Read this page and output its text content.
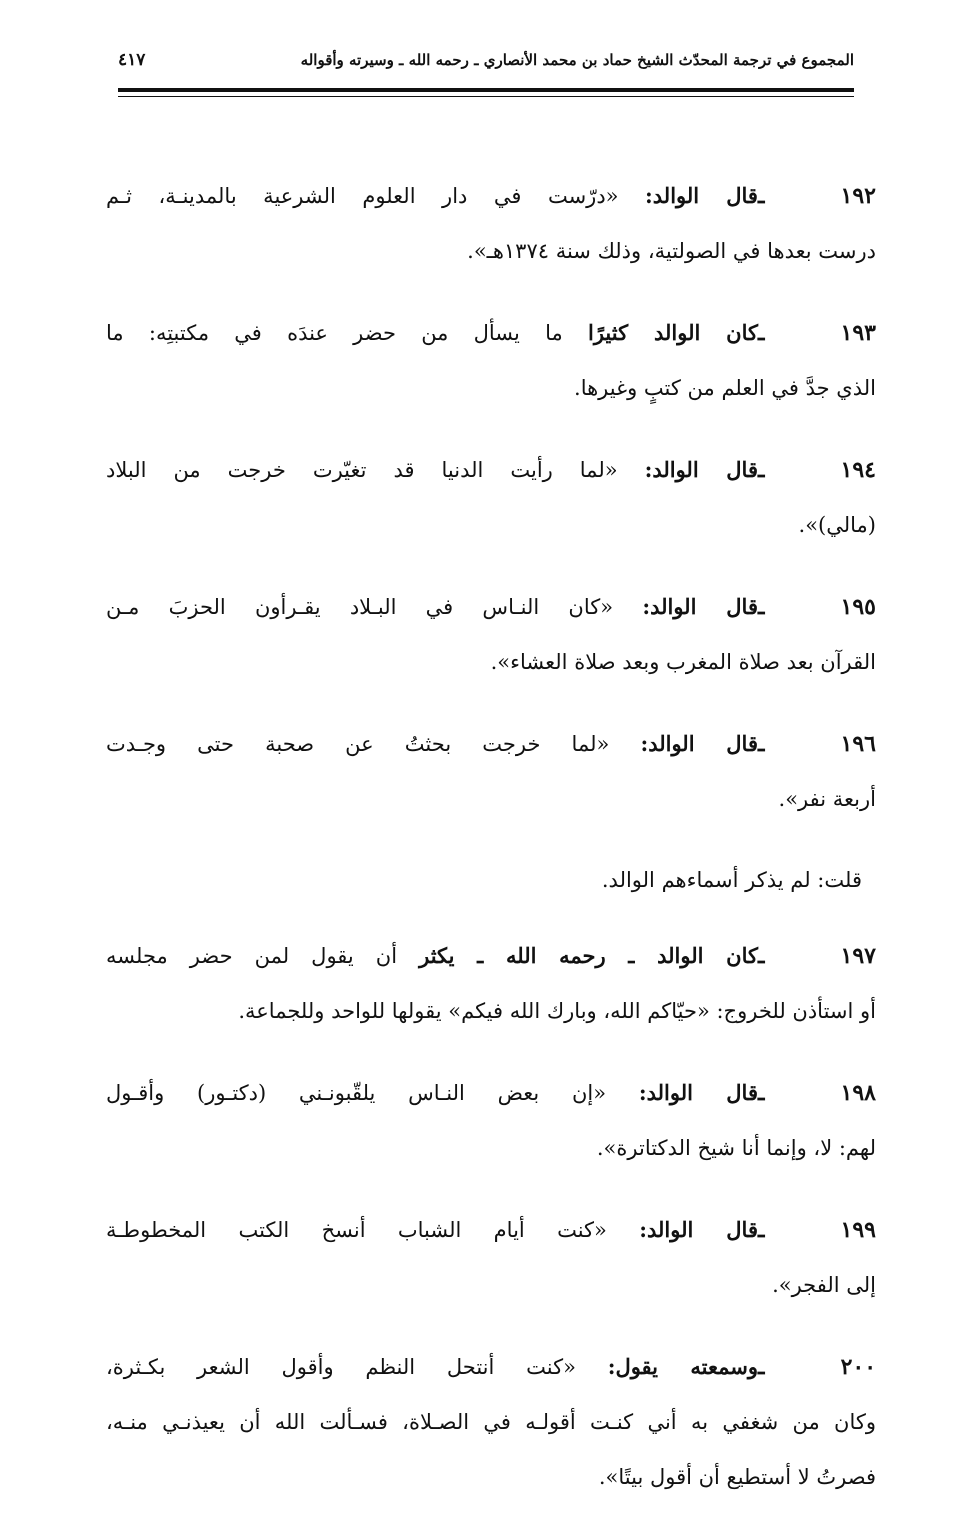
المجموع في ترجمة المحدّث الشيخ حماد بن محمد الأنصاري ـ رحمه الله ـ وسيرته وأقواله
٤١٧
١٩٢ ـقال الوالد: «درّست في دار العلوم الشرعية بالمدينـة، ثـم
درست بعدها في الصولتية، وذلك سنة ١٣٧٤هـ».
١٩٣ ـكان الوالد كثيرًا ما يسأل من حضر عندَه في مكتبتِه: ما
الذي جدَّ في العلم من كتبٍ وغيرها.
١٩٤ ـقال الوالد: «لما رأيت الدنيا قد تغيّرت خرجت من البلاد
(مالي)».
١٩٥ ـقال الوالد: «كان النـاس في البـلاد يقـرأون الحزبَ مـن
القرآن بعد صلاة المغرب وبعد صلاة العشاء».
١٩٦ ـقال الوالد: «لما خرجت بحثتُ عن صحبة حتى وجـدت
أربعة نفر».
قلت: لم يذكر أسماءهم الوالد.
١٩٧ ـكان الوالد ـ رحمه الله ـ يكثر أن يقول لمن حضر مجلسه
أو استأذن للخروج: «حيّاكم الله، وبارك الله فيكم» يقولها للواحد وللجماعة.
١٩٨ ـقال الوالد: «إن بعض النـاس يلقّبونـني (دكتـور) وأقـول
لهم: لا، وإنما أنا شيخ الدكتاترة».
١٩٩ ـقال الوالد: «كنت أيام الشباب أنسخ الكتب المخطوطـة
إلى الفجر».
٢٠٠ ـوسمعته يقول: «كنت أنتحل النظم وأقول الشعر بكـثرة،
وكان من شغفي به أني كنـت أقولـه في الصـلاة، فسـألت الله أن يعيذنـي منـه،
فصرتُ لا أستطيع أن أقول بيتًا».
